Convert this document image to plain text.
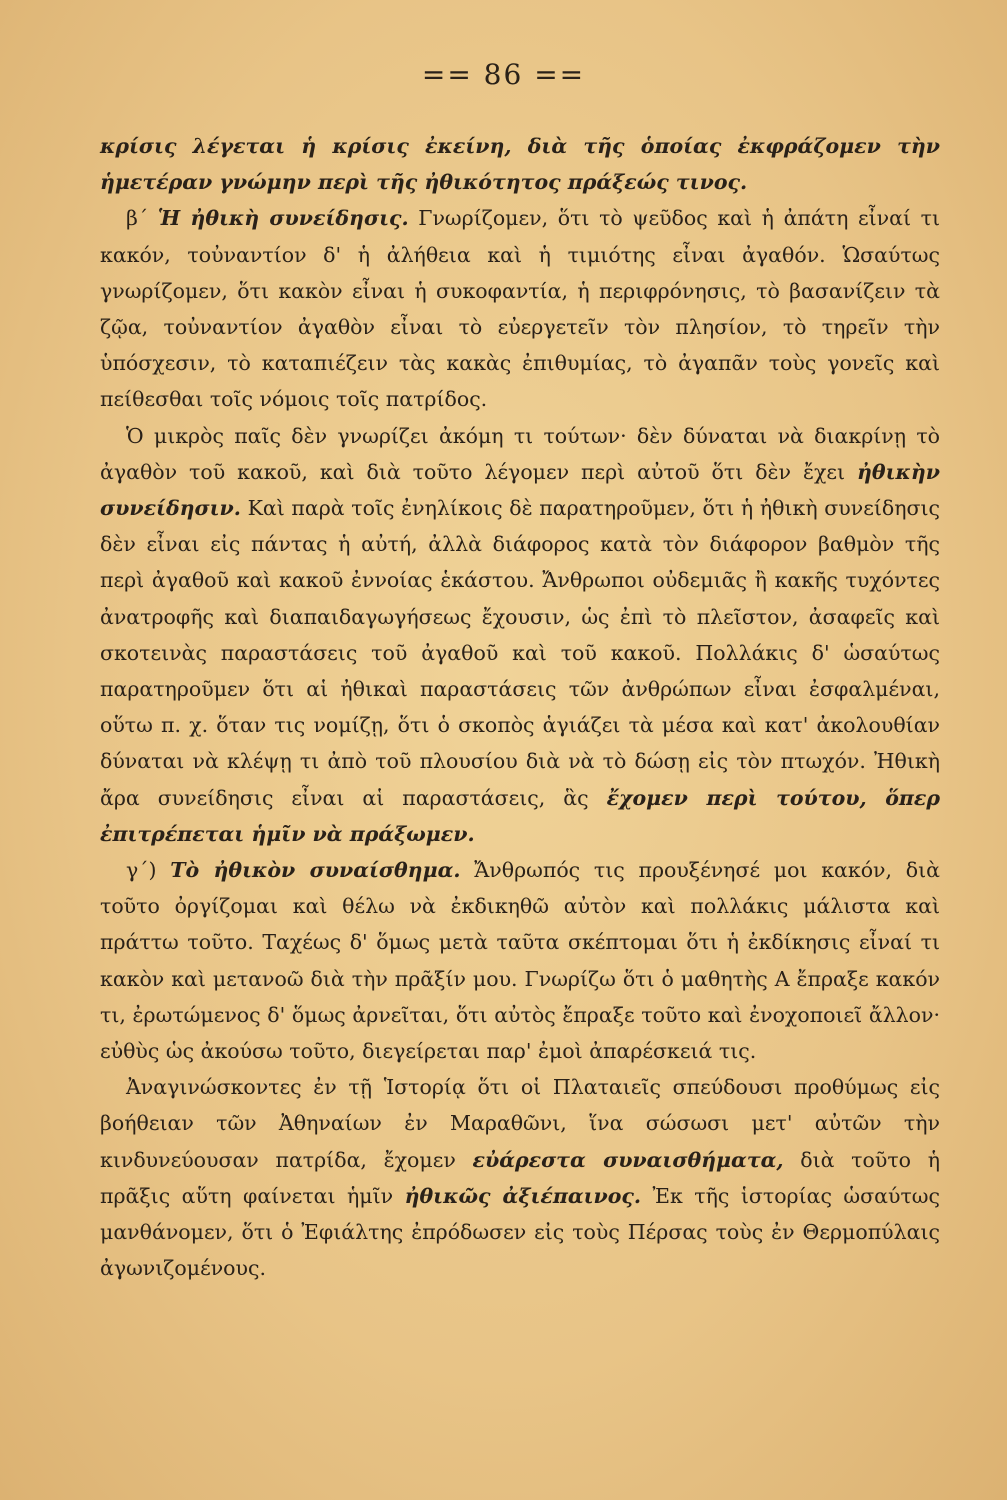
== 86 ==

κρίσις λέγεται ἡ κρίσις ἐκείνη, διὰ τῆς ὁποίας ἐκφράζομεν τὴν ἡμετέραν γνώμην περὶ τῆς ἠθικότητος πράξεώς τινος.

β΄ Ἡ ἠθικὴ συνείδησις. Γνωρίζομεν, ὅτι τὸ ψεῦδος καὶ ἡ ἀπάτη εἶναί τι κακόν, τοὐναντίον δ' ἡ ἀλήθεια καὶ ἡ τιμιότης εἶναι ἀγαθόν. Ὡσαύτως γνωρίζομεν, ὅτι κακὸν εἶναι ἡ συκοφαντία, ἡ περιφρόνησις, τὸ βασανίζειν τὰ ζῷα, τοὐναντίον ἀγαθὸν εἶναι τὸ εὐεργετεῖν τὸν πλησίον, τὸ τηρεῖν τὴν ὑπόσχεσιν, τὸ καταπιέζειν τὰς κακὰς ἐπιθυμίας, τὸ ἀγαπᾶν τοὺς γονεῖς καὶ πείθεσθαι τοῖς νόμοις τοῖς πατρίδος.

Ὁ μικρὸς παῖς δὲν γνωρίζει ἀκόμη τι τούτων· δὲν δύναται νὰ διακρίνῃ τὸ ἀγαθὸν τοῦ κακοῦ, καὶ διὰ τοῦτο λέγομεν περὶ αὐτοῦ ὅτι δὲν ἔχει ἠθικὴν συνείδησιν. Καὶ παρὰ τοῖς ἐνηλίκοις δὲ παρατηροῦμεν, ὅτι ἡ ἠθικὴ συνείδησις δὲν εἶναι εἰς πάντας ἡ αὐτή, ἀλλὰ διάφορος κατὰ τὸν διάφορον βαθμὸν τῆς περὶ ἀγαθοῦ καὶ κακοῦ ἐννοίας ἑκάστου. Ἄνθρωποι οὐδεμιᾶς ἢ κακῆς τυχόντες ἀνατροφῆς καὶ διαπαιδαγωγήσεως ἔχουσιν, ὡς ἐπὶ τὸ πλεῖστον, ἀσαφεῖς καὶ σκοτεινὰς παραστάσεις τοῦ ἀγαθοῦ καὶ τοῦ κακοῦ. Πολλάκις δ' ὡσαύτως παρατηροῦμεν ὅτι αἱ ἠθικαὶ παραστάσεις τῶν ἀνθρώπων εἶναι ἐσφαλμέναι, οὕτω π. χ. ὅταν τις νομίζῃ, ὅτι ὁ σκοπὸς ἁγιάζει τὰ μέσα καὶ κατ' ἀκολουθίαν δύναται νὰ κλέψῃ τι ἀπὸ τοῦ πλουσίου διὰ νὰ τὸ δώσῃ εἰς τὸν πτωχόν. Ἠθικὴ ἄρα συνείδησις εἶναι αἱ παραστάσεις, ἃς ἔχομεν περὶ τούτου, ὅπερ ἐπιτρέπεται ἡμῖν νὰ πράξωμεν.

γ΄) Τὸ ἠθικὸν συναίσθημα. Ἄνθρωπός τις προυξένησέ μοι κακόν, διὰ τοῦτο ὀργίζομαι καὶ θέλω νὰ ἐκδικηθῶ αὐτὸν καὶ πολλάκις μάλιστα καὶ πράττω τοῦτο. Ταχέως δ' ὅμως μετὰ ταῦτα σκέπτομαι ὅτι ἡ ἐκδίκησις εἶναί τι κακὸν καὶ μετανοῶ διὰ τὴν πρᾶξίν μου. Γνωρίζω ὅτι ὁ μαθητὴς Α ἔπραξε κακόν τι, ἐρωτώμενος δ' ὅμως ἀρνεῖται, ὅτι αὐτὸς ἔπραξε τοῦτο καὶ ἐνοχοποιεῖ ἄλλον· εὐθὺς ὡς ἀκούσω τοῦτο, διεγείρεται παρ' ἐμοὶ ἀπαρέσκειά τις.

Ἀναγινώσκοντες ἐν τῇ Ἱστορίᾳ ὅτι οἱ Πλαταιεῖς σπεύδουσι προθύμως εἰς βοήθειαν τῶν Ἀθηναίων ἐν Μαραθῶνι, ἵνα σώσωσι μετ' αὐτῶν τὴν κινδυνεύουσαν πατρίδα, ἔχομεν εὐάρεστα συναισθήματα, διὰ τοῦτο ἡ πρᾶξις αὕτη φαίνεται ἡμῖν ἠθικῶς ἀξιέπαινος. Ἐκ τῆς ἱστορίας ὡσαύτως μανθάνομεν, ὅτι ὁ Ἐφιάλτης ἐπρόδωσεν εἰς τοὺς Πέρσας τοὺς ἐν Θερμοπύλαις ἀγωνιζομένους.
